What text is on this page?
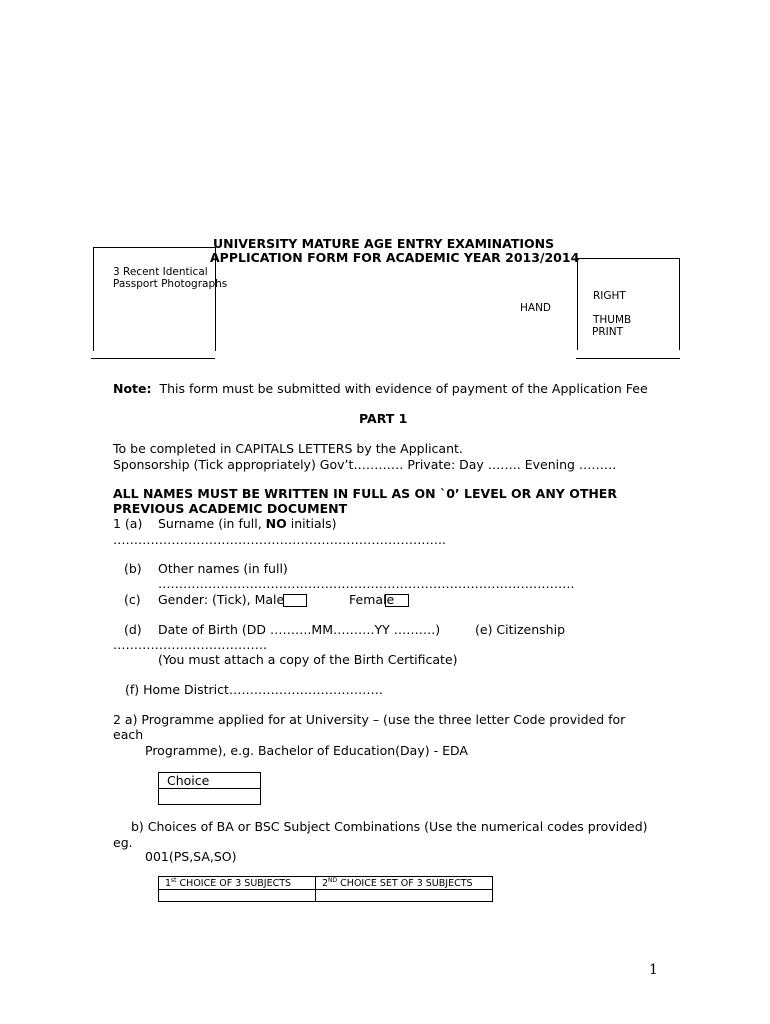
UNIVERSITY MATURE AGE ENTRY EXAMINATIONS
APPLICATION FORM FOR ACADEMIC YEAR 2013/2014
3 Recent Identical
Passport Photographs
HAND
RIGHT
THUMB
PRINT
Note: This form must be submitted with evidence of payment of the Application Fee
PART 1
To be completed in CAPITALS LETTERS by the Applicant.
Sponsorship (Tick appropriately) Gov’t………… Private: Day …….. Evening ………
ALL NAMES MUST BE WRITTEN IN FULL AS ON `0’ LEVEL OR ANY OTHER
PREVIOUS ACADEMIC DOCUMENT
1 (a) Surname (in full, NO initials)
……………………………………………………………………..
(b) Other names (in full)
……………………………………………………………………………………….
(c) Gender: (Tick), Male	Female
(d) Date of Birth (DD ……….MM……….YY ……….)	(e) Citizenship
……………………………….
(You must attach a copy of the Birth Certificate)
(f) Home District……………………………….
2 a) Programme applied for at University – (use the three letter Code provided for
each
Programme), e.g. Bachelor of Education(Day) - EDA
Choice

b) Choices of BA or BSC Subject Combinations (Use the numerical codes provided)
eg.
001(PS,SA,SO)
1st CHOICE OF 3 SUBJECTS	2ND CHOICE SET OF 3 SUBJECTS

1
